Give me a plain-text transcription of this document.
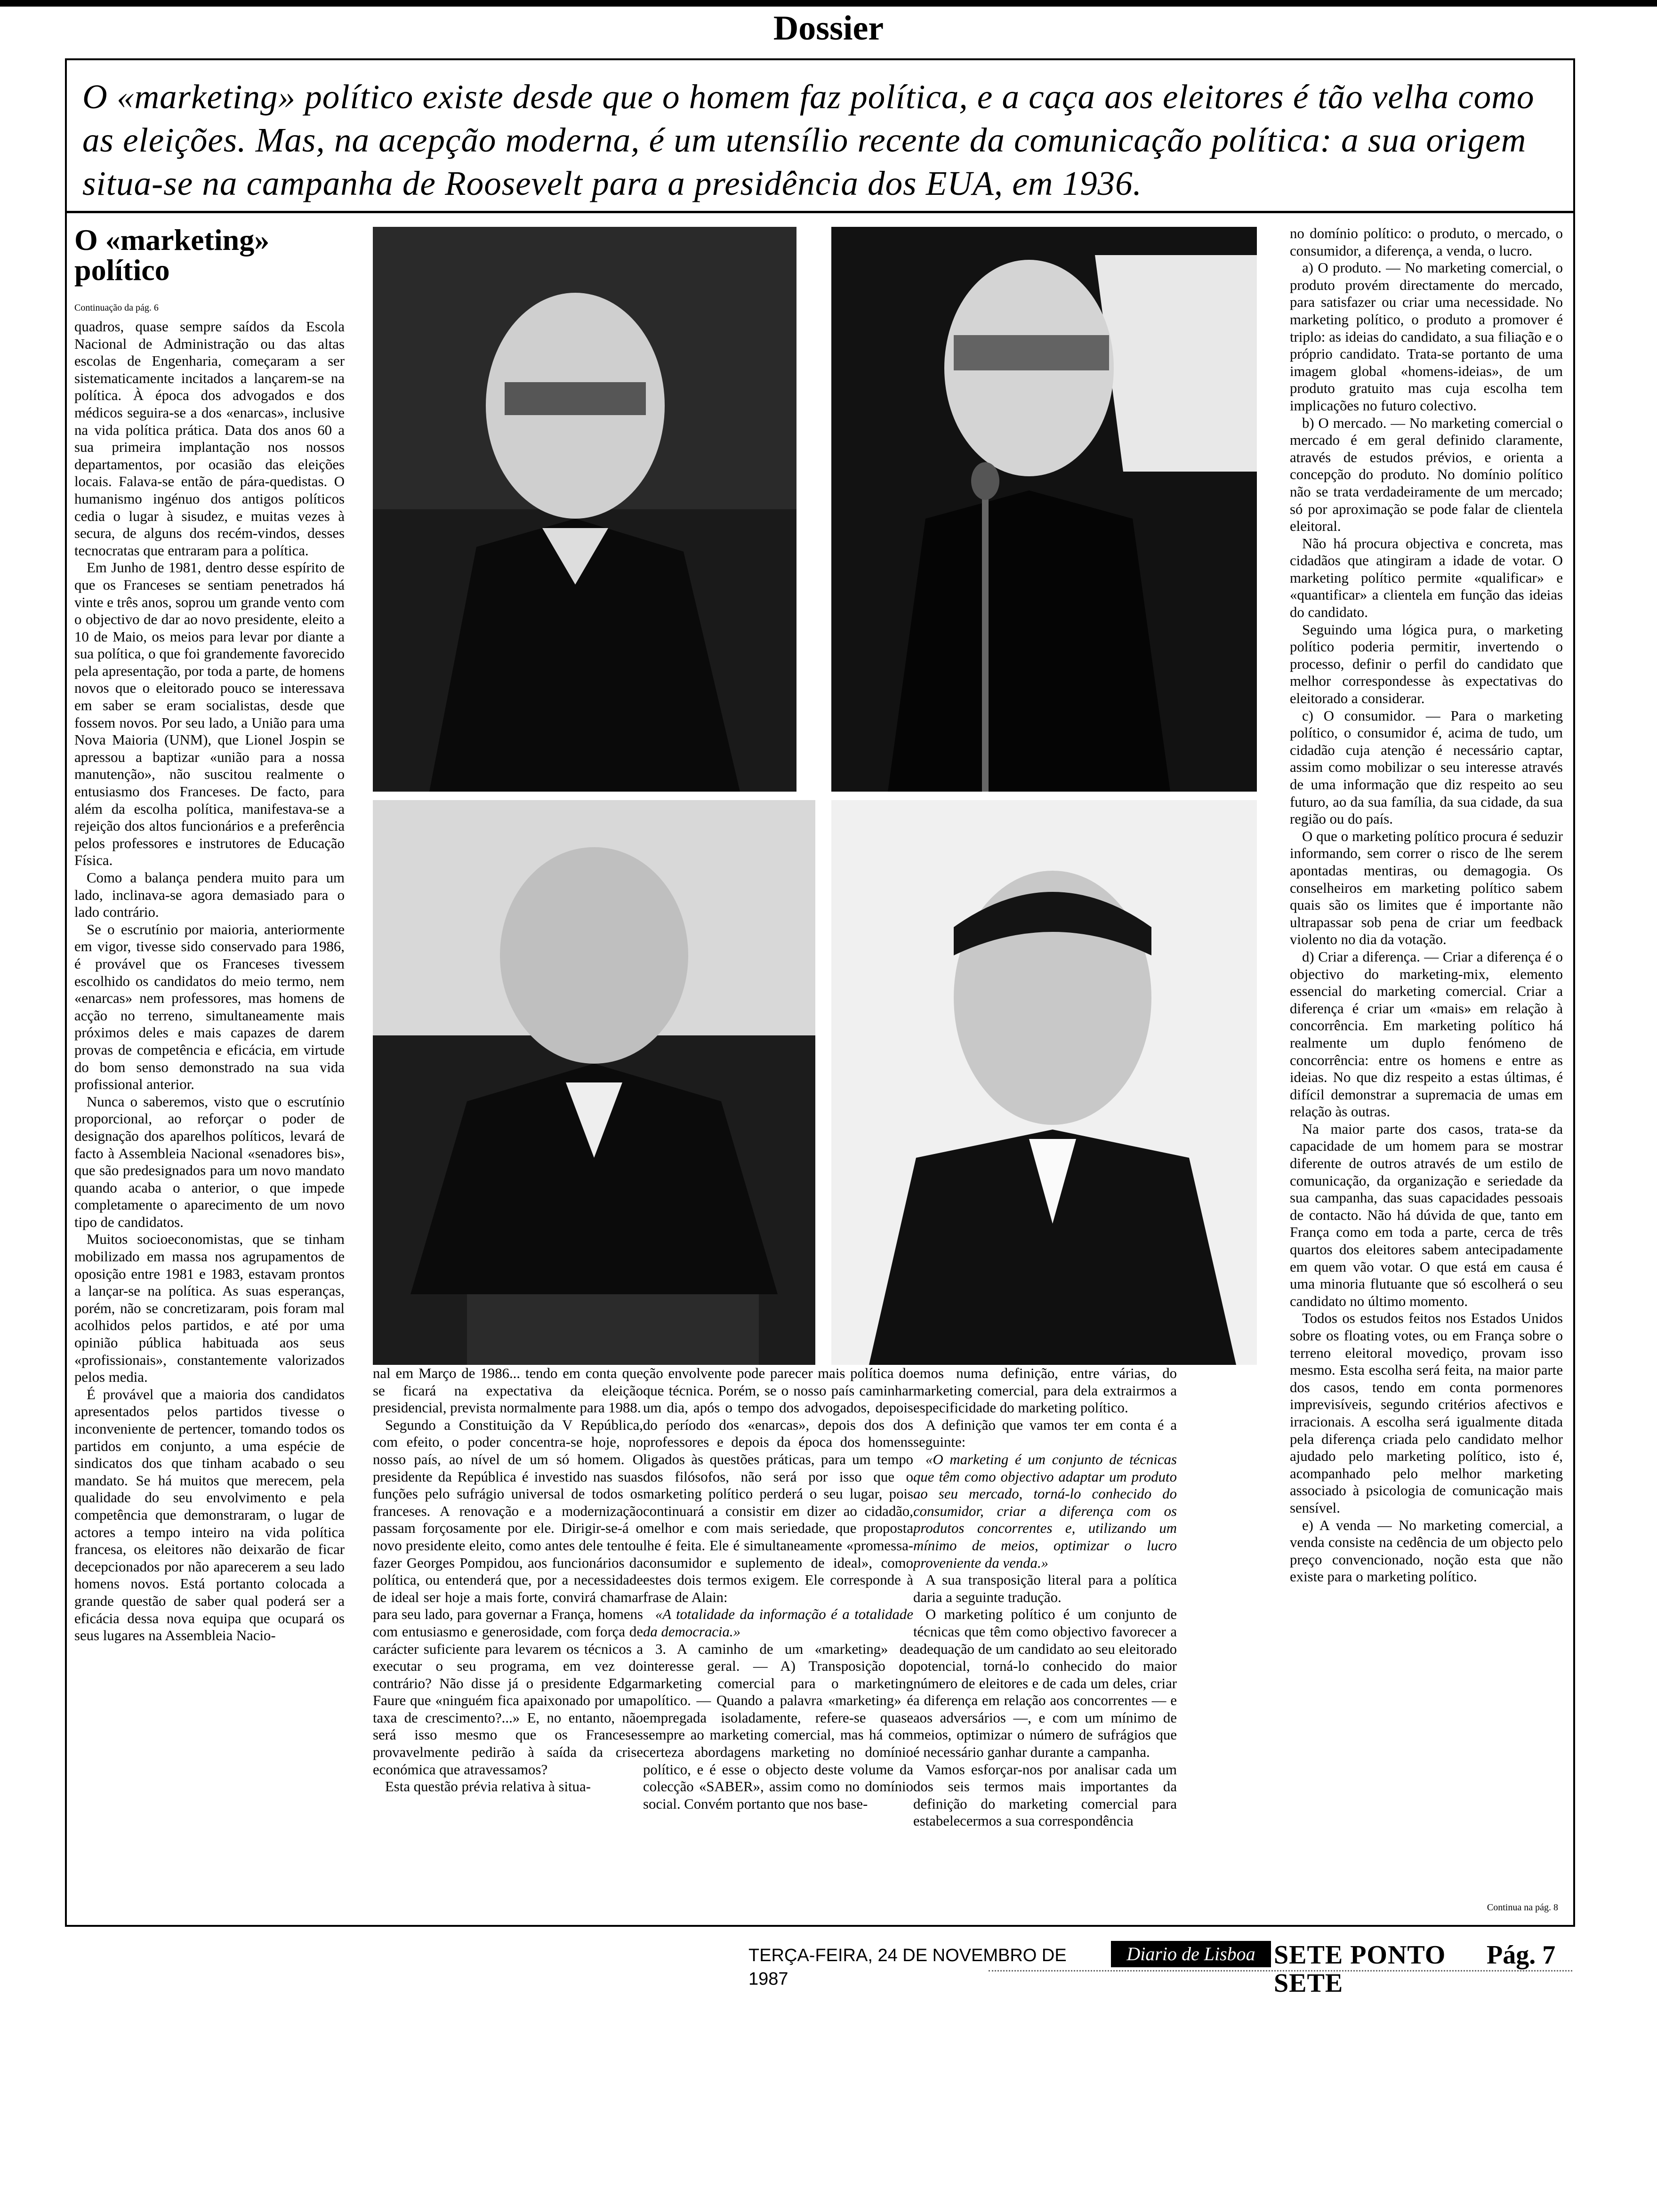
Dossier
O «marketing» político existe desde que o homem faz política, e a caça aos eleitores é tão velha como as eleições. Mas, na acepção moderna, é um utensílio recente da comunicação política: a sua origem situa-se na campanha de Roosevelt para a presidência dos EUA, em 1936.
O «marketing» político
Continuação da pág. 6

quadros, quase sempre saídos da Escola Nacional de Administração ou das altas escolas de Engenharia, começaram a ser sistematicamente incitados a lançarem-se na política. À época dos advogados e dos médicos seguira-se a dos «enarcas», inclusive na vida política prática. Data dos anos 60 a sua primeira implantação nos nossos departamentos, por ocasião das eleições locais. Falava-se então de pára-quedistas. O humanismo ingénuo dos antigos políticos cedia o lugar à sisudez, e muitas vezes à secura, de alguns dos recém-vindos, desses tecnocratas que entraram para a política.

Em Junho de 1981, dentro desse espírito de que os Franceses se sentiam penetrados há vinte e três anos, soprou um grande vento com o objectivo de dar ao novo presidente, eleito a 10 de Maio, os meios para levar por diante a sua política, o que foi grandemente favorecido pela apresentação, por toda a parte, de homens novos que o eleitorado pouco se interessava em saber se eram socialistas, desde que fossem novos. Por seu lado, a União para uma Nova Maioria (UNM), que Lionel Jospin se apressou a baptizar «união para a nossa manutenção», não suscitou realmente o entusiasmo dos Franceses. De facto, para além da escolha política, manifestava-se a rejeição dos altos funcionários e a preferência pelos professores e instrutores de Educação Física.

Como a balança pendera muito para um lado, inclinava-se agora demasiado para o lado contrário.

Se o escrutínio por maioria, anteriormente em vigor, tivesse sido conservado para 1986, é provável que os Franceses tivessem escolhido os candidatos do meio termo, nem «enarcas» nem professores, mas homens de acção no terreno, simultaneamente mais próximos deles e mais capazes de darem provas de competência e eficácia, em virtude do bom senso demonstrado na sua vida profissional anterior.

Nunca o saberemos, visto que o escrutínio proporcional, ao reforçar o poder de designação dos aparelhos políticos, levará de facto à Assembleia Nacional «senadores bis», que são predesignados para um novo mandato quando acaba o anterior, o que impede completamente o aparecimento de um novo tipo de candidatos.

Muitos socioeconomistas, que se tinham mobilizado em massa nos agrupamentos de oposição entre 1981 e 1983, estavam prontos a lançar-se na política. As suas esperanças, porém, não se concretizaram, pois foram mal acolhidos pelos partidos, e até por uma opinião pública habituada aos seus «profissionais», constantemente valorizados pelos media.

É provável que a maioria dos candidatos apresentados pelos partidos tivesse o inconveniente de pertencer, tomando todos os partidos em conjunto, a uma espécie de sindicatos dos que tinham acabado o seu mandato. Se há muitos que merecem, pela qualidade do seu envolvimento e pela competência que demonstraram, o lugar de actores a tempo inteiro na vida política francesa, os eleitores não deixarão de ficar decepcionados por não aparecerem a seu lado homens novos. Está portanto colocada a grande questão de saber qual poderá ser a eficácia dessa nova equipa que ocupará os seus lugares na Assembleia Nacio-

nal em Março de 1986... tendo em conta que se ficará na expectativa da eleição presidencial, prevista normalmente para 1988.

Segundo a Constituição da V República, com efeito, o poder concentra-se hoje, no nosso país, ao nível de um só homem. O presidente da República é investido nas suas funções pelo sufrágio universal de todos os franceses. A renovação e a modernização passam forçosamente por ele. Dirigir-se-á o novo presidente eleito, como antes dele tentou fazer Georges Pompidou, aos funcionários da política, ou entenderá que, por a necessidade de ideal ser hoje a mais forte, convirá chamar para seu lado, para governar a França, homens com entusiasmo e generosidade, com força de carácter suficiente para levarem os técnicos a executar o seu programa, em vez do contrário? Não disse já o presidente Edgar Faure que «ninguém fica apaixonado por uma taxa de crescimento?...» E, no entanto, não será isso mesmo que os Franceses provavelmente pedirão à saída da crise económica que atravessamos?

Esta questão prévia relativa à situa-

ção envolvente pode parecer mais política do que técnica. Porém, se o nosso país caminhar um dia, após o tempo dos advogados, depois do período dos «enarcas», depois dos dos professores e depois da época dos homens ligados às questões práticas, para um tempo dos filósofos, não será por isso que o marketing político perderá o seu lugar, pois continuará a consistir em dizer ao cidadão, melhor e com mais seriedade, que proposta lhe é feita. Ele é simultaneamente «promessa-consumidor e suplemento de ideal», como estes dois termos exigem. Ele corresponde à frase de Alain:

«A totalidade da informação é a totalidade da democracia.»

3. A caminho de um «marketing» de interesse geral. — A) Transposição do marketing comercial para o marketing político. — Quando a palavra «marketing» é empregada isoladamente, refere-se quase sempre ao marketing comercial, mas há com certeza abordagens marketing no domínio político, e é esse o objecto deste volume da colecção «SABER», assim como no domínio social. Convém portanto que nos base-

emos numa definição, entre várias, do marketing comercial, para dela extrairmos a especificidade do marketing político.

A definição que vamos ter em conta é a seguinte:

«O marketing é um conjunto de técnicas que têm como objectivo adaptar um produto ao seu mercado, torná-lo conhecido do consumidor, criar a diferença com os produtos concorrentes e, utilizando um mínimo de meios, optimizar o lucro proveniente da venda.»

A sua transposição literal para a política daria a seguinte tradução.

O marketing político é um conjunto de técnicas que têm como objectivo favorecer a adequação de um candidato ao seu eleitorado potencial, torná-lo conhecido do maior número de eleitores e de cada um deles, criar a diferença em relação aos concorrentes — e aos adversários —, e com um mínimo de meios, optimizar o número de sufrágios que é necessário ganhar durante a campanha.

Vamos esforçar-nos por analisar cada um dos seis termos mais importantes da definição do marketing comercial para estabelecermos a sua correspondência

no domínio político: o produto, o mercado, o consumidor, a diferença, a venda, o lucro.

a) O produto. — No marketing comercial, o produto provém directamente do mercado, para satisfazer ou criar uma necessidade. No marketing político, o produto a promover é triplo: as ideias do candidato, a sua filiação e o próprio candidato. Trata-se portanto de uma imagem global «homens-ideias», de um produto gratuito mas cuja escolha tem implicações no futuro colectivo.

b) O mercado. — No marketing comercial o mercado é em geral definido claramente, através de estudos prévios, e orienta a concepção do produto. No domínio político não se trata verdadeiramente de um mercado; só por aproximação se pode falar de clientela eleitoral.

Não há procura objectiva e concreta, mas cidadãos que atingiram a idade de votar. O marketing político permite «qualificar» e «quantificar» a clientela em função das ideias do candidato.

Seguindo uma lógica pura, o marketing político poderia permitir, invertendo o processo, definir o perfil do candidato que melhor correspondesse às expectativas do eleitorado a considerar.

c) O consumidor. — Para o marketing político, o consumidor é, acima de tudo, um cidadão cuja atenção é necessário captar, assim como mobilizar o seu interesse através de uma informação que diz respeito ao seu futuro, ao da sua família, da sua cidade, da sua região ou do país.

O que o marketing político procura é seduzir informando, sem correr o risco de lhe serem apontadas mentiras, ou demagogia. Os conselheiros em marketing político sabem quais são os limites que é importante não ultrapassar sob pena de criar um feedback violento no dia da votação.

d) Criar a diferença. — Criar a diferença é o objectivo do marketing-mix, elemento essencial do marketing comercial. Criar a diferença é criar um «mais» em relação à concorrência. Em marketing político há realmente um duplo fenómeno de concorrência: entre os homens e entre as ideias. No que diz respeito a estas últimas, é difícil demonstrar a supremacia de umas em relação às outras.

Na maior parte dos casos, trata-se da capacidade de um homem para se mostrar diferente de outros através de um estilo de comunicação, da organização e seriedade da sua campanha, das suas capacidades pessoais de contacto. Não há dúvida de que, tanto em França como em toda a parte, cerca de três quartos dos eleitores sabem antecipadamente em quem vão votar. O que está em causa é uma minoria flutuante que só escolherá o seu candidato no último momento.

Todos os estudos feitos nos Estados Unidos sobre os floating votes, ou em França sobre o terreno eleitoral movediço, provam isso mesmo. Esta escolha será feita, na maior parte dos casos, tendo em conta pormenores imprevisíveis, segundo critérios afectivos e irracionais. A escolha será igualmente ditada pela diferença criada pelo candidato melhor ajudado pelo marketing político, isto é, acompanhado pelo melhor marketing associado à psicologia de comunicação mais sensível.

e) A venda — No marketing comercial, a venda consiste na cedência de um objecto pelo preço convencionado, noção esta que não existe para o marketing político.

Continua na pág. 8
TERÇA-FEIRA, 24 DE NOVEMBRO DE 1987
Diario de Lisboa SETE PONTO SETE
Pág. 7
